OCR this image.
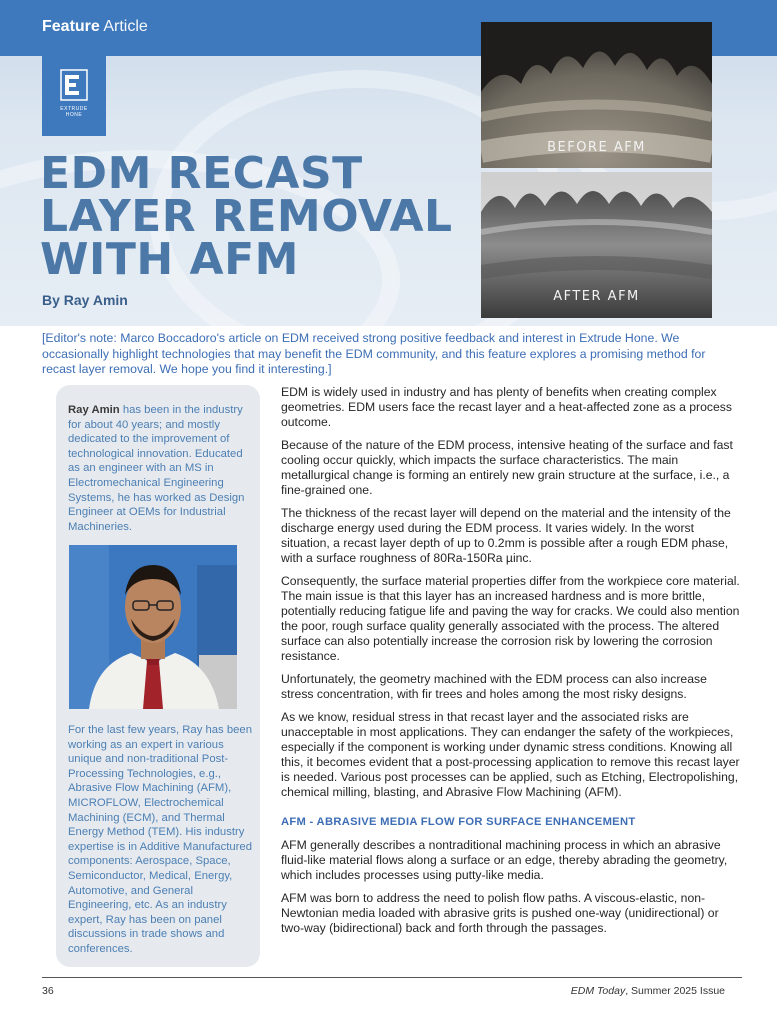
Feature Article
EXTRUDE
HONE
EDM RECAST
LAYER REMOVAL
WITH AFM
By Ray Amin
BEFORE AFM
AFTER AFM
[Editor's note: Marco Boccadoro's article on EDM received strong positive feedback and interest in Extrude Hone. We occasionally highlight technologies that may benefit the EDM community, and this feature explores a promising method for recast layer removal. We hope you find it interesting.]
Ray Amin has been in the industry for about 40 years; and mostly dedicated to the improvement of technological innovation. Educated as an engineer with an MS in Electromechanical Engineering Systems, he has worked as Design Engineer at OEMs for Industrial Machineries.
For the last few years, Ray has been working as an expert in various unique and non-traditional Post-Processing Technologies, e.g., Abrasive Flow Machining (AFM), MICROFLOW, Electrochemical Machining (ECM), and Thermal Energy Method (TEM). His industry expertise is in Additive Manufactured components: Aerospace, Space, Semiconductor, Medical, Energy, Automotive, and General Engineering, etc. As an industry expert, Ray has been on panel discussions in trade shows and conferences.

EDM is widely used in industry and has plenty of benefits when creating complex geometries. EDM users face the recast layer and a heat-affected zone as a process outcome.

Because of the nature of the EDM process, intensive heating of the surface and fast cooling occur quickly, which impacts the surface characteristics. The main metallurgical change is forming an entirely new grain structure at the surface, i.e., a fine-grained one.

The thickness of the recast layer will depend on the material and the intensity of the discharge energy used during the EDM process. It varies widely. In the worst situation, a recast layer depth of up to 0.2mm is possible after a rough EDM phase, with a surface roughness of 80Ra-150Ra µinc.

Consequently, the surface material properties differ from the workpiece core material. The main issue is that this layer has an increased hardness and is more brittle, potentially reducing fatigue life and paving the way for cracks. We could also mention the poor, rough surface quality generally associated with the process. The altered surface can also potentially increase the corrosion risk by lowering the corrosion resistance.

Unfortunately, the geometry machined with the EDM process can also increase stress concentration, with fir trees and holes among the most risky designs.

As we know, residual stress in that recast layer and the associated risks are unacceptable in most applications. They can endanger the safety of the workpieces, especially if the component is working under dynamic stress conditions. Knowing all this, it becomes evident that a post-processing application to remove this recast layer is needed. Various post processes can be applied, such as Etching, Electropolishing, chemical milling, blasting, and Abrasive Flow Machining (AFM).

AFM - ABRASIVE MEDIA FLOW FOR SURFACE ENHANCEMENT

AFM generally describes a nontraditional machining process in which an abrasive fluid-like material flows along a surface or an edge, thereby abrading the geometry, which includes processes using putty-like media.

AFM was born to address the need to polish flow paths. A viscous-elastic, non-Newtonian media loaded with abrasive grits is pushed one-way (unidirectional) or two-way (bidirectional) back and forth through the passages.

36	EDM Today, Summer 2025 Issue
